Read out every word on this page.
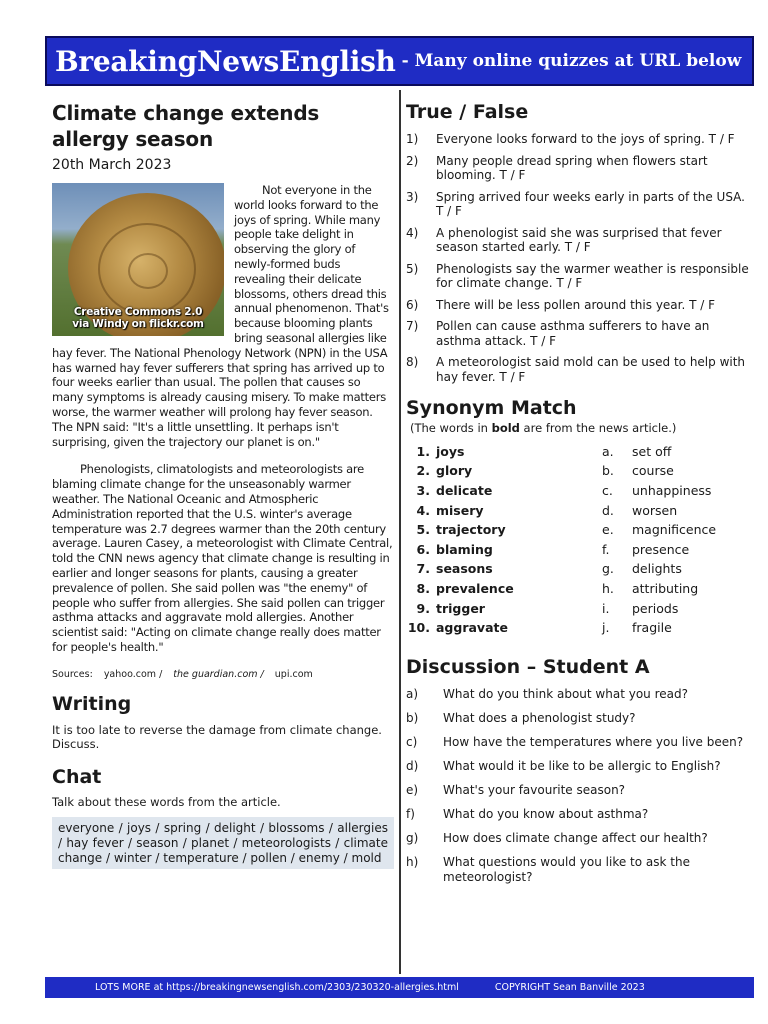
BreakingNewsEnglish - Many online quizzes at URL below
Climate change extends allergy season
20th March 2023
Creative Commons 2.0
via Windy on flickr.com

Not everyone in the world looks forward to the joys of spring. While many people take delight in observing the glory of newly-formed buds revealing their delicate blossoms, others dread this annual phenomenon. That's because blooming plants bring seasonal allergies like hay fever. The National Phenology Network (NPN) in the USA has warned hay fever sufferers that spring has arrived up to four weeks earlier than usual. The pollen that causes so many symptoms is already causing misery. To make matters worse, the warmer weather will prolong hay fever season. The NPN said: "It's a little unsettling. It perhaps isn't surprising, given the trajectory our planet is on."

Phenologists, climatologists and meteorologists are blaming climate change for the unseasonably warmer weather. The National Oceanic and Atmospheric Administration reported that the U.S. winter's average temperature was 2.7 degrees warmer than the 20th century average. Lauren Casey, a meteorologist with Climate Central, told the CNN news agency that climate change is resulting in earlier and longer seasons for plants, causing a greater prevalence of pollen. She said pollen was "the enemy" of people who suffer from allergies. She said pollen can trigger asthma attacks and aggravate mold allergies. Another scientist said: "Acting on climate change really does matter for people's health."

Sources: yahoo.com / the guardian.com / upi.com
Writing
It is too late to reverse the damage from climate change. Discuss.
Chat
Talk about these words from the article.
everyone / joys / spring / delight / blossoms / allergies / hay fever / season / planet / meteorologists / climate change / winter / temperature / pollen / enemy / mold
True / False
1)	Everyone looks forward to the joys of spring. T / F
2)	Many people dread spring when flowers start blooming. T / F
3)	Spring arrived four weeks early in parts of the USA. T / F
4)	A phenologist said she was surprised that fever season started early. T / F
5)	Phenologists say the warmer weather is responsible for climate change. T / F
6)	There will be less pollen around this year. T / F
7)	Pollen can cause asthma sufferers to have an asthma attack. T / F
8)	A meteorologist said mold can be used to help with hay fever. T / F
Synonym Match
(The words in bold are from the news article.)
1. joys	a.	set off
2. glory	b.	course
3. delicate	c.	unhappiness
4. misery	d.	worsen
5. trajectory	e.	magnificence
6. blaming	f.	presence
7. seasons	g.	delights
8. prevalence	h.	attributing
9. trigger	i.	periods
10. aggravate	j.	fragile
Discussion – Student A
a)	What do you think about what you read?
b)	What does a phenologist study?
c)	How have the temperatures where you live been?
d)	What would it be like to be allergic to English?
e)	What's your favourite season?
f)	What do you know about asthma?
g)	How does climate change affect our health?
h)	What questions would you like to ask the meteorologist?
LOTS MORE at https://breakingnewsenglish.com/2303/230320-allergies.html	COPYRIGHT Sean Banville 2023
